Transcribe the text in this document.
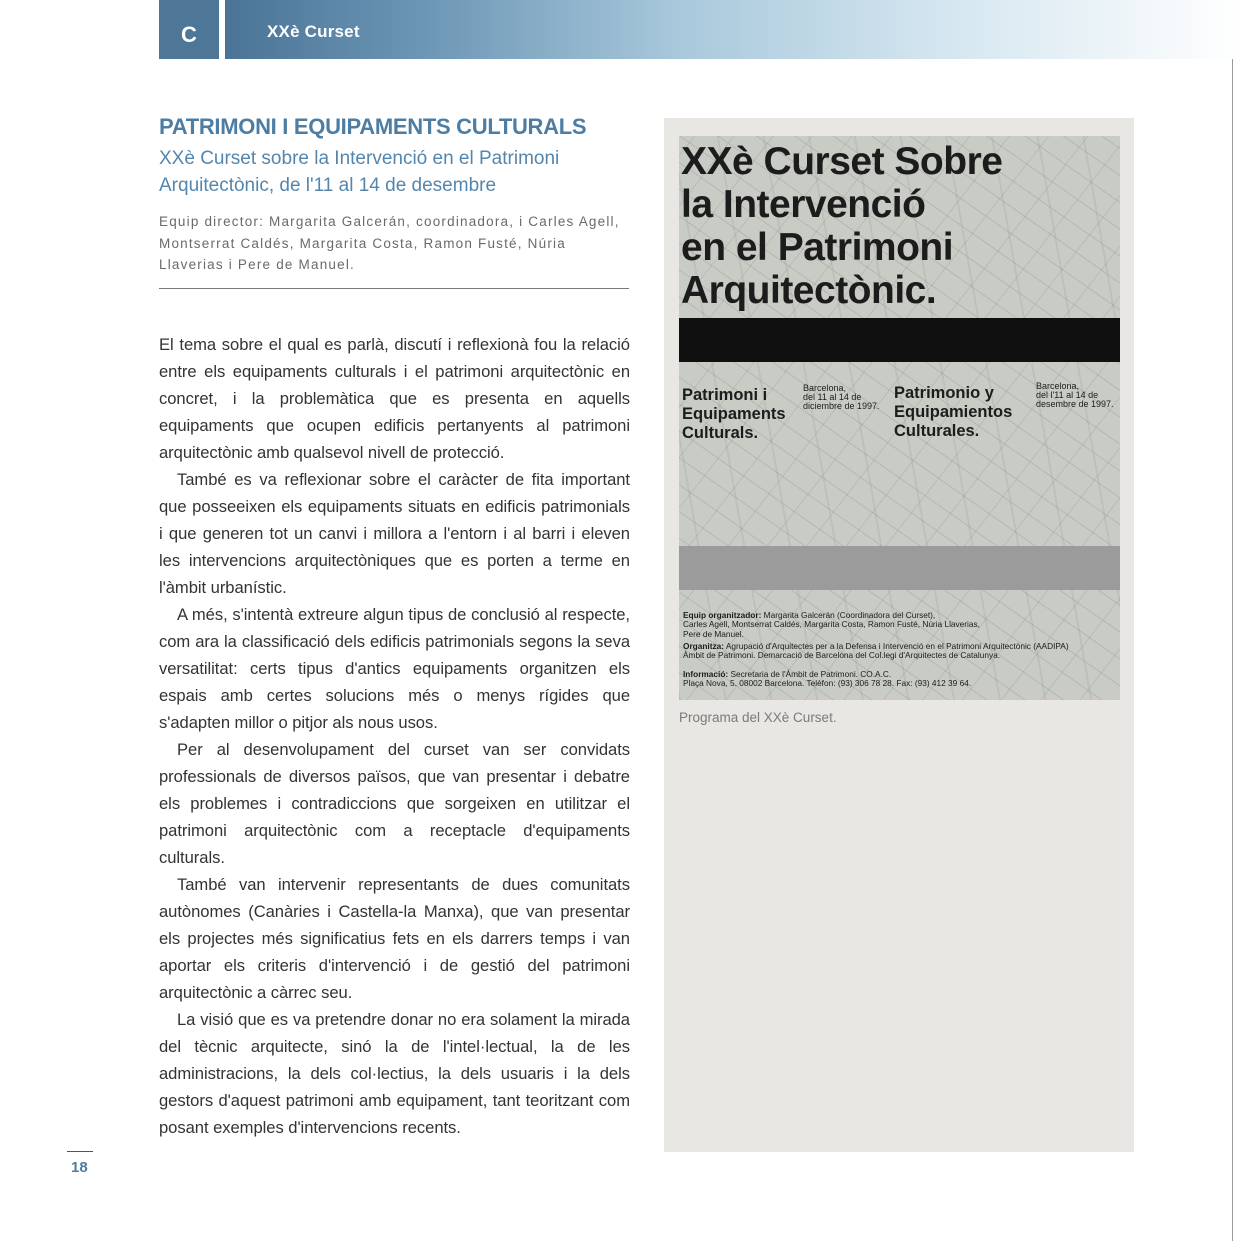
C	XXè Curset
PATRIMONI I EQUIPAMENTS CULTURALS
XXè Curset sobre la Intervenció en el Patrimoni Arquitectònic, de l'11 al 14 de desembre
Equip director: Margarita Galcerán, coordinadora, i Carles Agell, Montserrat Caldés, Margarita Costa, Ramon Fusté, Núria Llaverias i Pere de Manuel.

El tema sobre el qual es parlà, discutí i reflexionà fou la relació entre els equipaments culturals i el patrimoni arquitectònic en concret, i la problemàtica que es presenta en aquells equipaments que ocupen edificis pertanyents al patrimoni arquitectònic amb qualsevol nivell de protecció.

També es va reflexionar sobre el caràcter de fita important que posseeixen els equipaments situats en edificis patrimonials i que generen tot un canvi i millora a l'entorn i al barri i eleven les intervencions arquitectòniques que es porten a terme en l'àmbit urbanístic.

A més, s'intentà extreure algun tipus de conclusió al respecte, com ara la classificació dels edificis patrimonials segons la seva versatilitat: certs tipus d'antics equipaments organitzen els espais amb certes solucions més o menys rígides que s'adapten millor o pitjor als nous usos.

Per al desenvolupament del curset van ser convidats professionals de diversos països, que van presentar i debatre els problemes i contradiccions que sorgeixen en utilitzar el patrimoni arquitectònic com a receptacle d'equipaments culturals.

També van intervenir representants de dues comunitats autònomes (Canàries i Castella-la Manxa), que van presentar els projectes més significatius fets en els darrers temps i van aportar els criteris d'intervenció i de gestió del patrimoni arquitectònic a càrrec seu.

La visió que es va pretendre donar no era solament la mirada del tècnic arquitecte, sinó la de l'intel·lectual, la de les administracions, la dels col·lectius, la dels usuaris i la dels gestors d'aquest patrimoni amb equipament, tant teoritzant com posant exemples d'intervencions recents.

XXè Curset Sobre
la Intervenció
en el Patrimoni
Arquitectònic.
Patrimoni i
Equipaments
Culturals.
Barcelona,
del 11 al 14 de
diciembre de 1997.
Patrimonio y
Equipamientos
Culturales.
Barcelona,
del l'11 al 14 de
desembre de 1997.
Equip organitzador: Margarita Galcerán (Coordinadora del Curset),
Carles Agell, Montserrat Caldés, Margarita Costa, Ramon Fusté, Núria Llaverias,
Pere de Manuel.
Organitza: Agrupació d'Arquitectes per a la Defensa i Intervenció en el Patrimoni Arquitectònic (AADIPA)
Àmbit de Patrimoni. Demarcació de Barcelona del Col.legi d'Arquitectes de Catalunya.
Informació: Secretaria de l'Àmbit de Patrimoni. CO.A.C.
Plaça Nova, 5. 08002 Barcelona. Telèfon: (93) 306 78 28. Fax: (93) 412 39 64.
Programa del XXè Curset.
18
